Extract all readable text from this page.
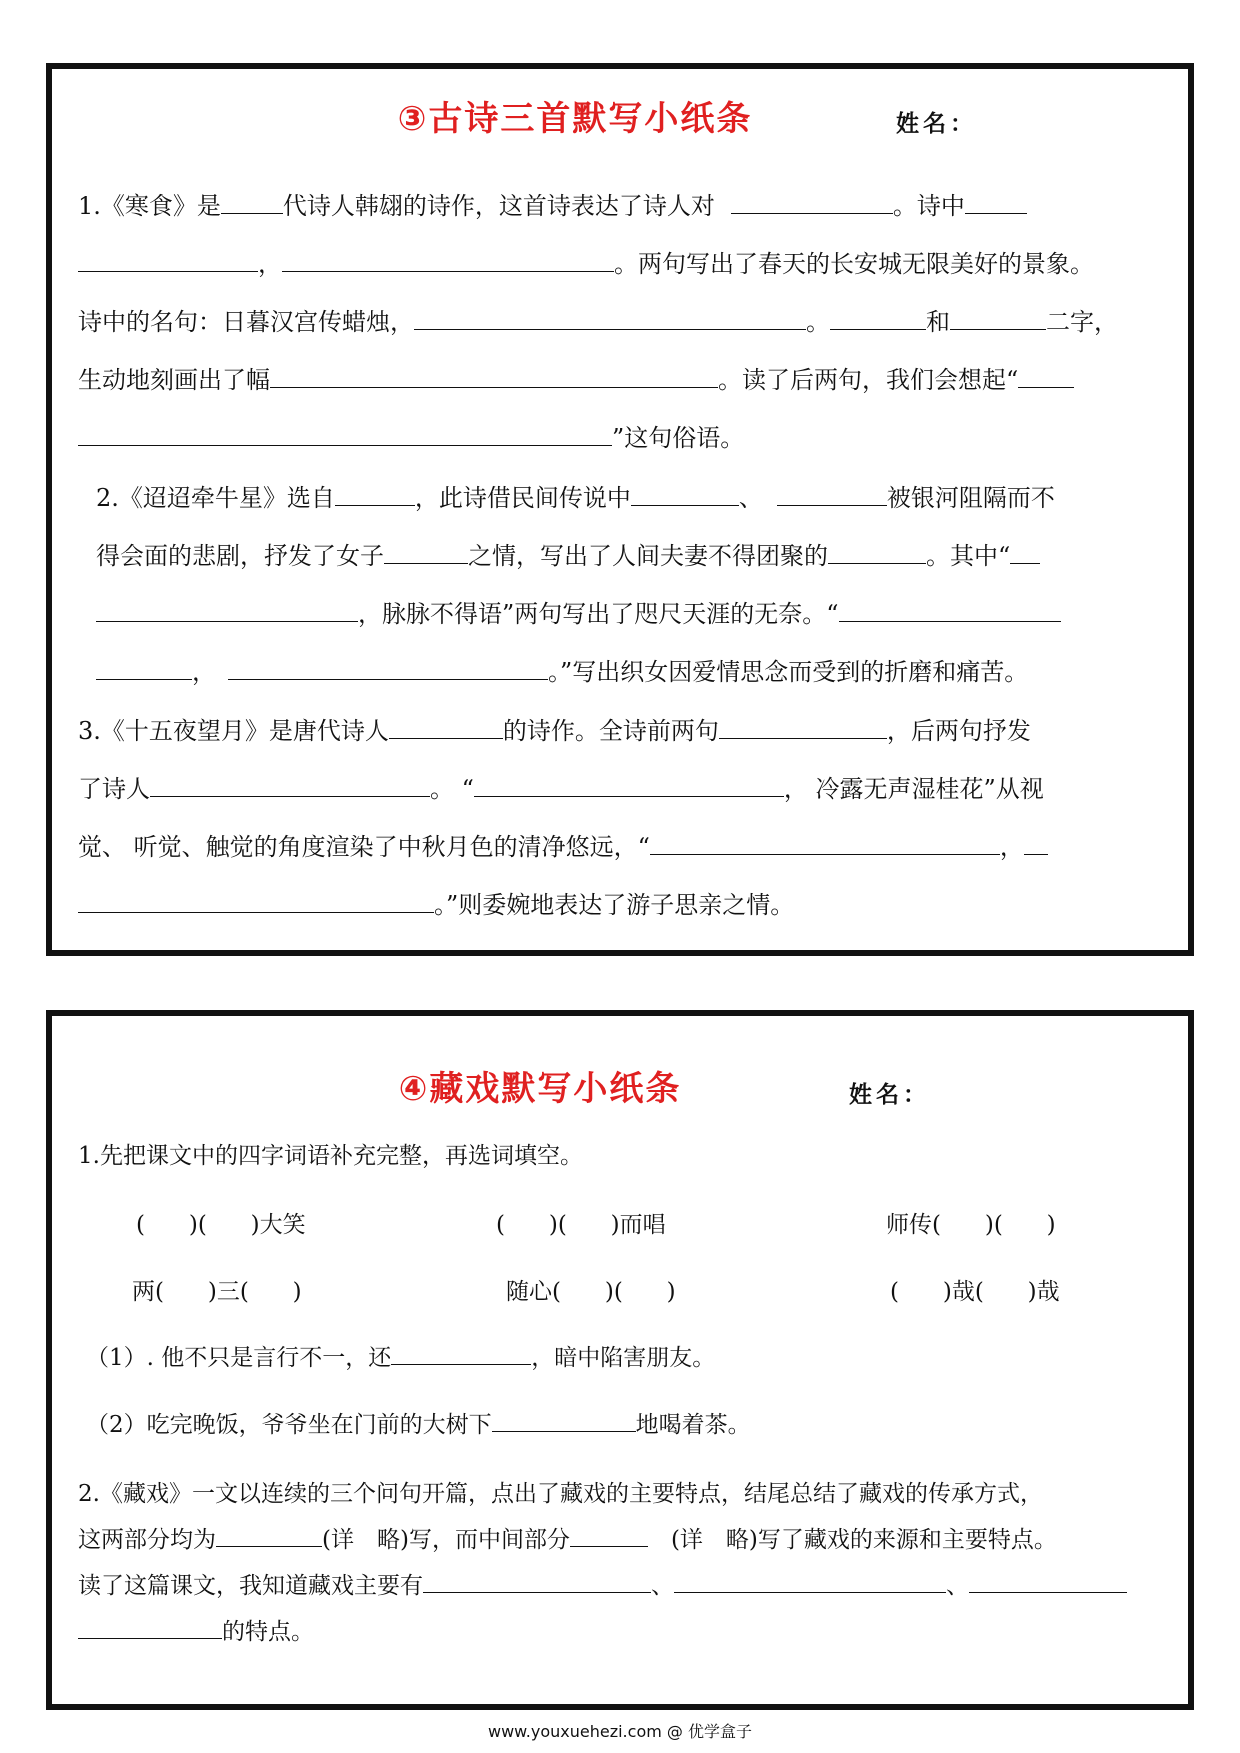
③古诗三首默写小纸条	姓名：
1.《寒食》是	代诗人韩翃的诗作，这首诗表达了诗人对	。诗中
，	。两句写出了春天的长安城无限美好的景象。
诗中的名句：日暮汉宫传蜡烛，	。	和	二字，
生动地刻画出了幅	。读了后两句，我们会想起“
”这句俗语。
2.《迢迢牵牛星》选自	，此诗借民间传说中	、	被银河阻隔而不
得会面的悲剧，抒发了女子	之情，写出了人间夫妻不得团聚的	。其中“
，脉脉不得语”两句写出了咫尺天涯的无奈。“
，	。”写出织女因爱情思念而受到的折磨和痛苦。
3.《十五夜望月》是唐代诗人	的诗作。全诗前两句	，后两句抒发
了诗人	。 “	， 冷露无声湿桂花”从视
觉、 听觉、触觉的角度渲染了中秋月色的清净悠远，“	，
。”则委婉地表达了游子思亲之情。
④藏戏默写小纸条	姓名：
1.先把课文中的四字词语补充完整，再选词填空。
(      )(      )大笑	(      )(      )而唱	师传(      )(      )
两(      )三(      )	随心(      )(      )	(      )哉(      )哉
（1）. 他不只是言行不一，还	，暗中陷害朋友。
（2）吃完晚饭，爷爷坐在门前的大树下	地喝着茶。
2.《藏戏》一文以连续的三个问句开篇，点出了藏戏的主要特点，结尾总结了藏戏的传承方式，
这两部分均为	(详　略)写，而中间部分	　(详　略)写了藏戏的来源和主要特点。
读了这篇课文，我知道藏戏主要有	、	、
的特点。
www.youxuehezi.com @ 优学盒子
